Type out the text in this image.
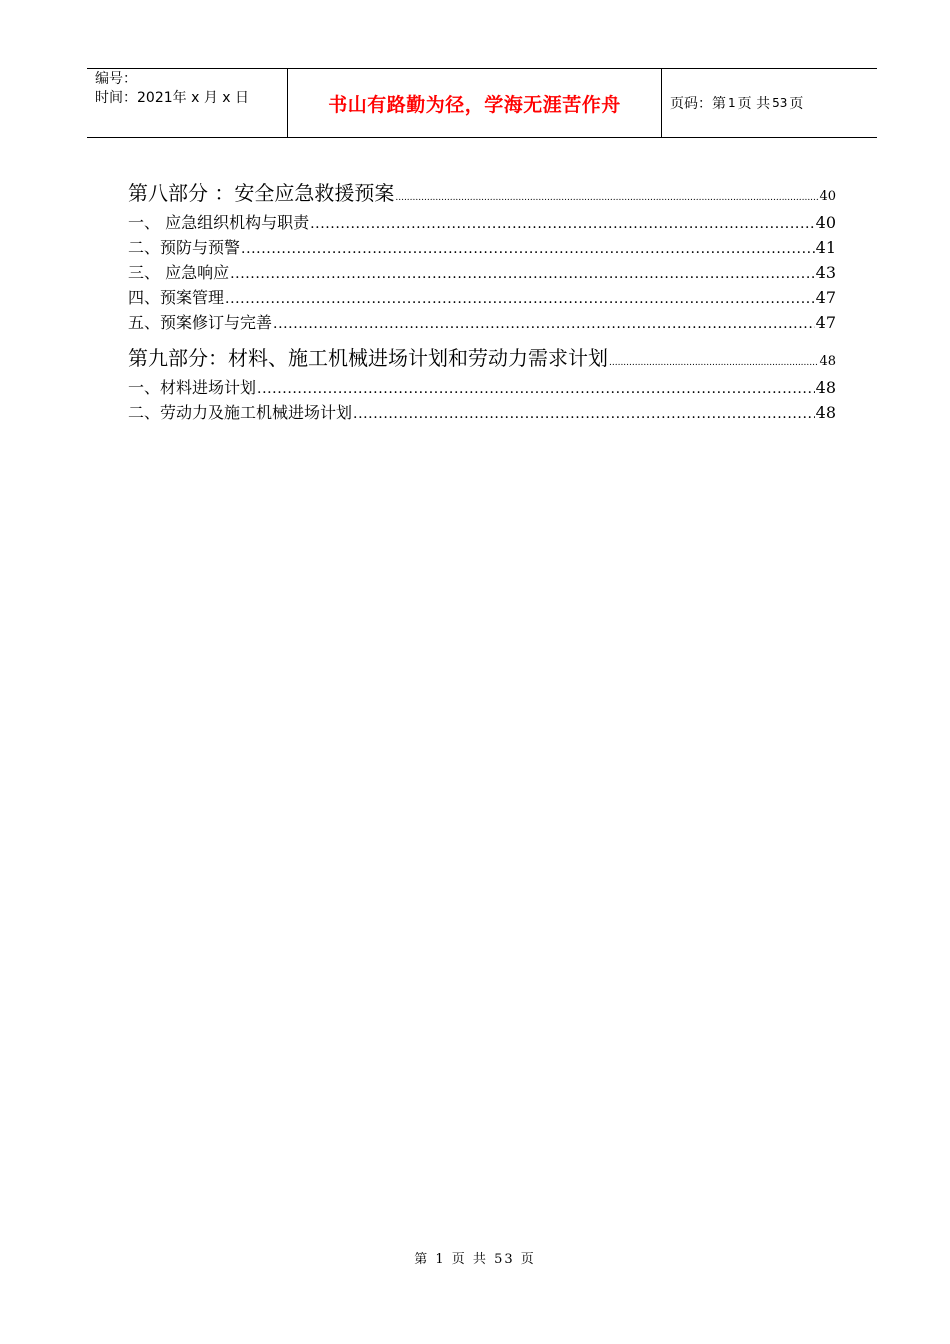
编号：
时间：2021年 x 月 x 日	书山有路勤为径，学海无涯苦作舟	页码：第 1 页 共 53 页
第八部分 ：安全应急救援预案 .....	40
一、 应急组织机构与职责 .....	40
二、预防与预警 .....	41
三、 应急响应 .....	43
四、预案管理 .....	47
五、预案修订与完善 .....	47
第九部分：材料、施工机械进场计划和劳动力需求计划 .....	48
一、材料进场计划 .....	48
二、劳动力及施工机械进场计划 .....	48
第 1 页 共 53 页
